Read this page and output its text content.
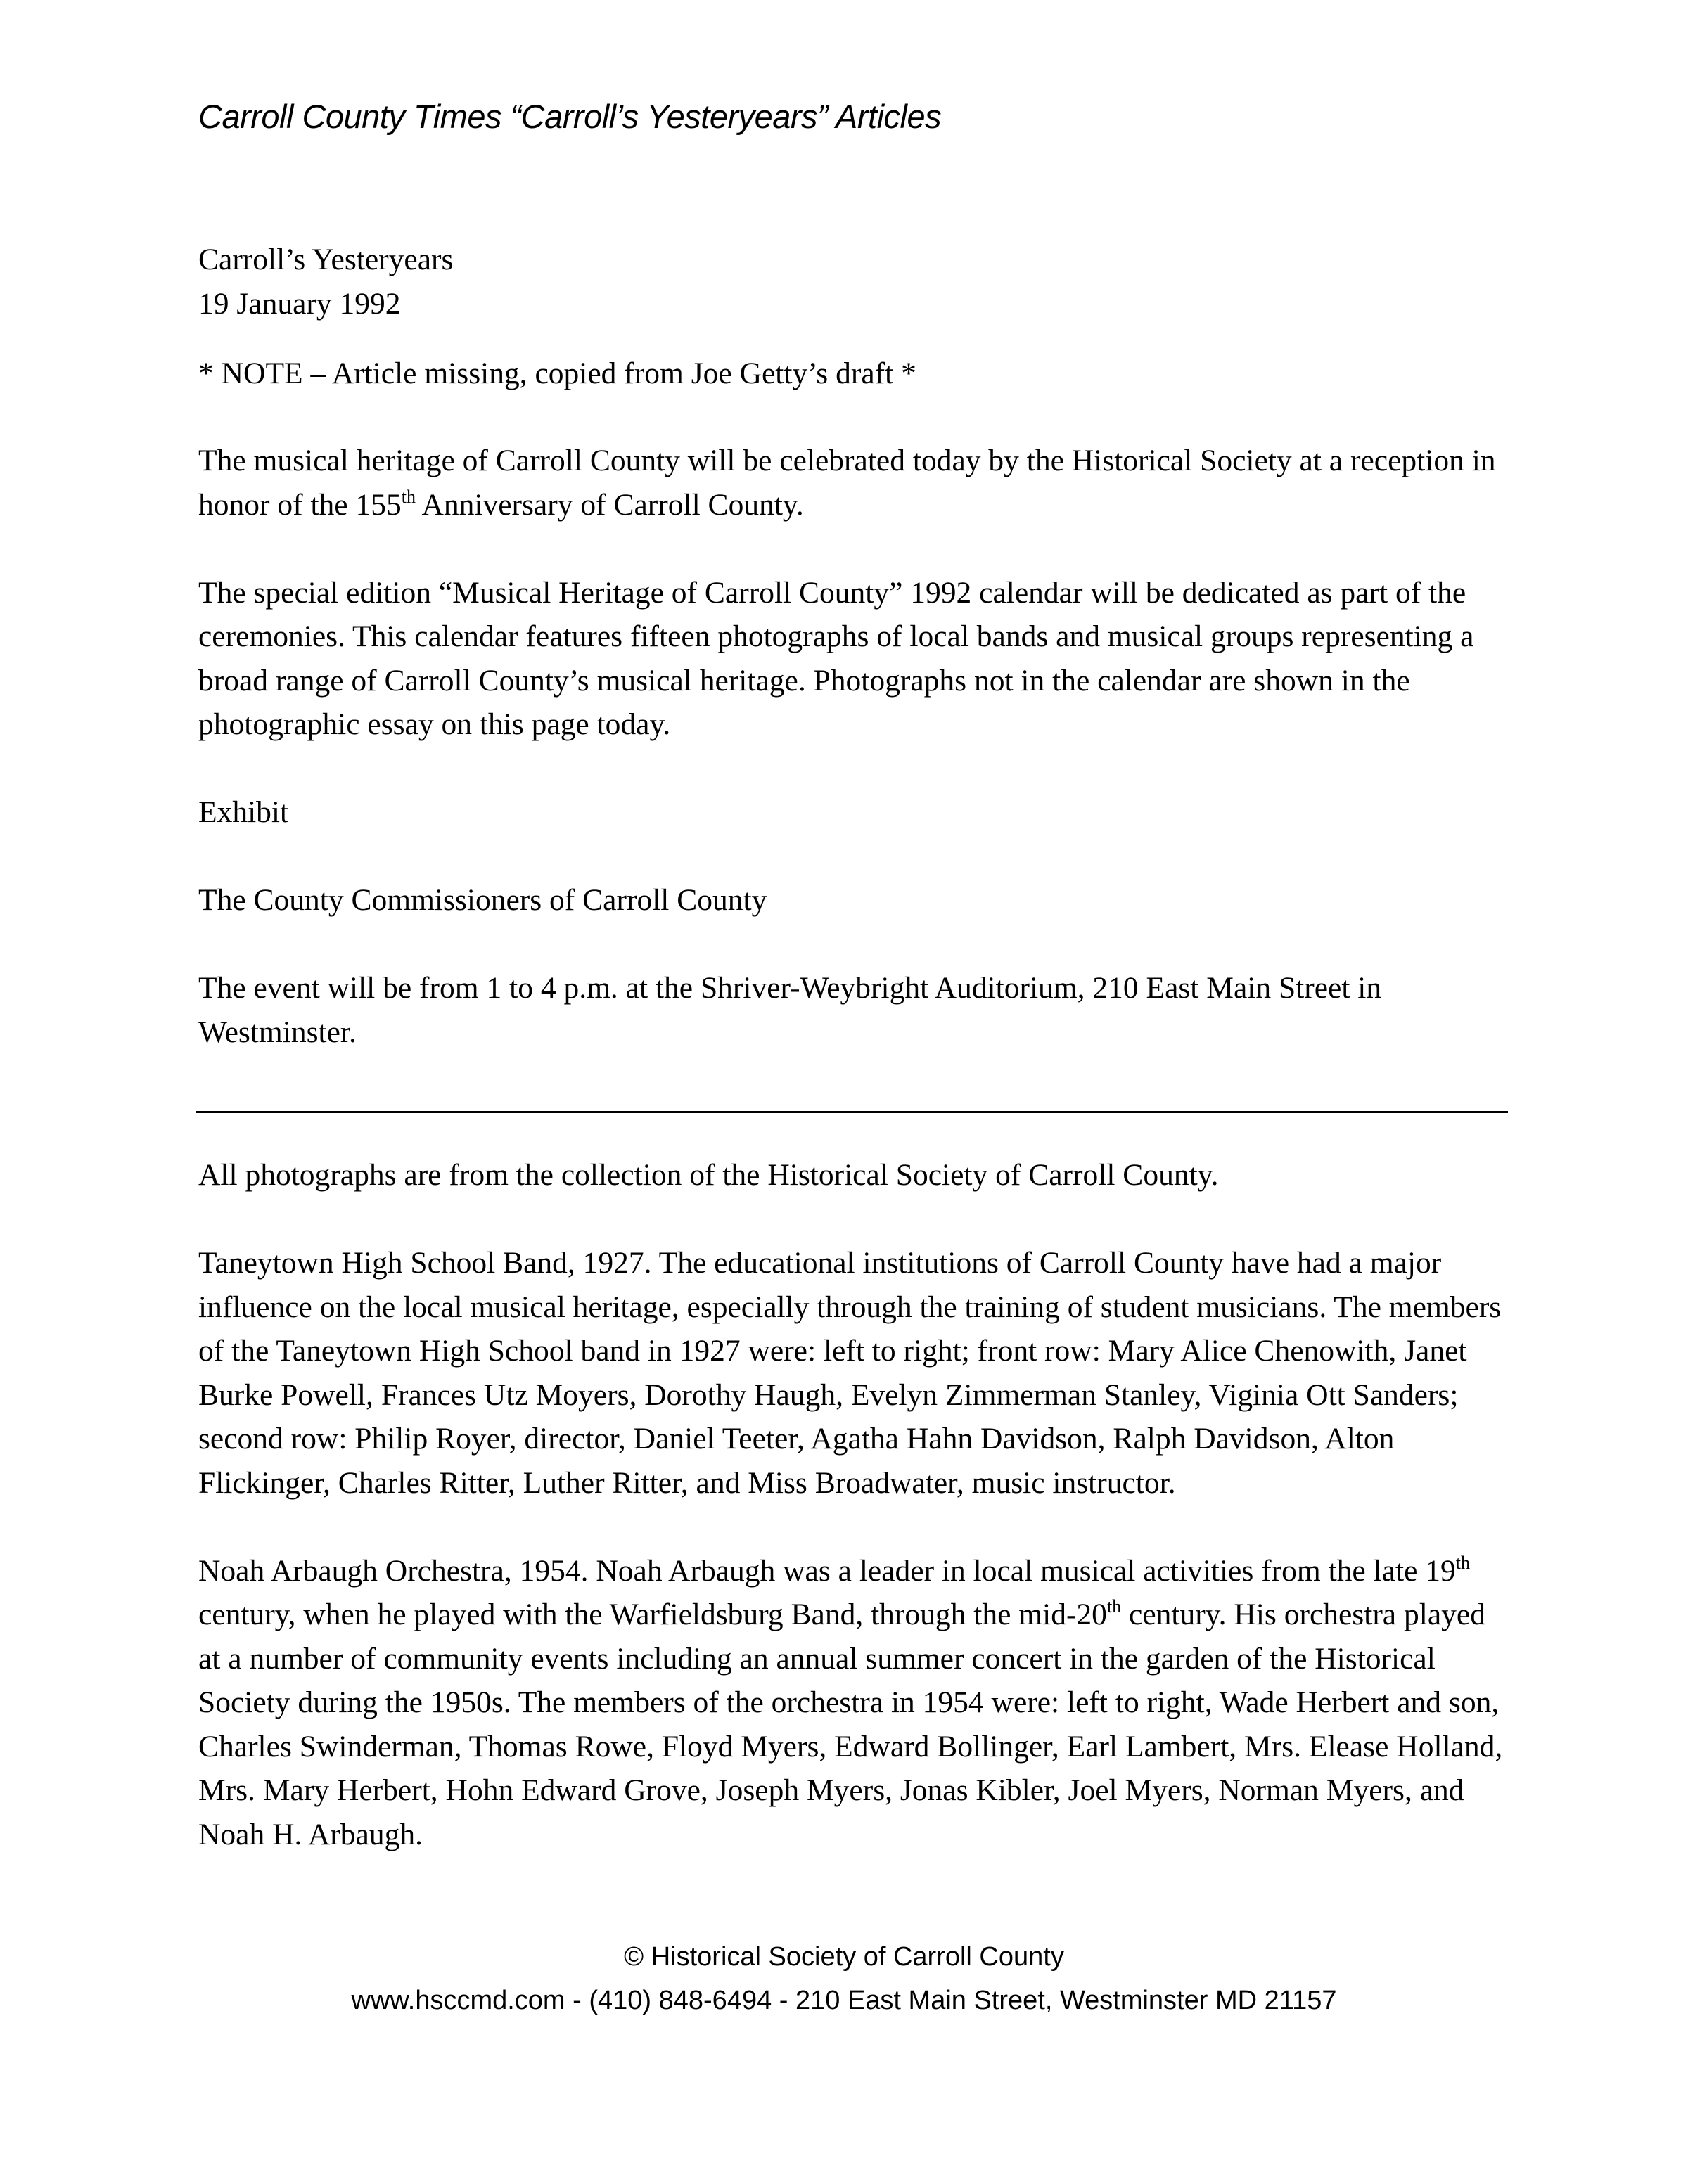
Carroll County Times “Carroll’s Yesteryears” Articles

Carroll’s Yesteryears

19 January 1992

* NOTE – Article missing, copied from Joe Getty’s draft *

The musical heritage of Carroll County will be celebrated today by the Historical Society at a reception in honor of the 155th Anniversary of Carroll County.

The special edition “Musical Heritage of Carroll County” 1992 calendar will be dedicated as part of the ceremonies. This calendar features fifteen photographs of local bands and musical groups representing a broad range of Carroll County’s musical heritage. Photographs not in the calendar are shown in the photographic essay on this page today.

Exhibit

The County Commissioners of Carroll County

The event will be from 1 to 4 p.m. at the Shriver-Weybright Auditorium, 210 East Main Street in Westminster.

All photographs are from the collection of the Historical Society of Carroll County.

Taneytown High School Band, 1927. The educational institutions of Carroll County have had a major influence on the local musical heritage, especially through the training of student musicians. The members of the Taneytown High School band in 1927 were: left to right; front row: Mary Alice Chenowith, Janet Burke Powell, Frances Utz Moyers, Dorothy Haugh, Evelyn Zimmerman Stanley, Viginia Ott Sanders; second row: Philip Royer, director, Daniel Teeter, Agatha Hahn Davidson, Ralph Davidson, Alton Flickinger, Charles Ritter, Luther Ritter, and Miss Broadwater, music instructor.

Noah Arbaugh Orchestra, 1954. Noah Arbaugh was a leader in local musical activities from the late 19th century, when he played with the Warfieldsburg Band, through the mid-20th century. His orchestra played at a number of community events including an annual summer concert in the garden of the Historical Society during the 1950s. The members of the orchestra in 1954 were: left to right, Wade Herbert and son, Charles Swinderman, Thomas Rowe, Floyd Myers, Edward Bollinger, Earl Lambert, Mrs. Elease Holland, Mrs. Mary Herbert, Hohn Edward Grove, Joseph Myers, Jonas Kibler, Joel Myers, Norman Myers, and Noah H. Arbaugh.

© Historical Society of Carroll County
www.hsccmd.com - (410) 848-6494 - 210 East Main Street, Westminster MD 21157
